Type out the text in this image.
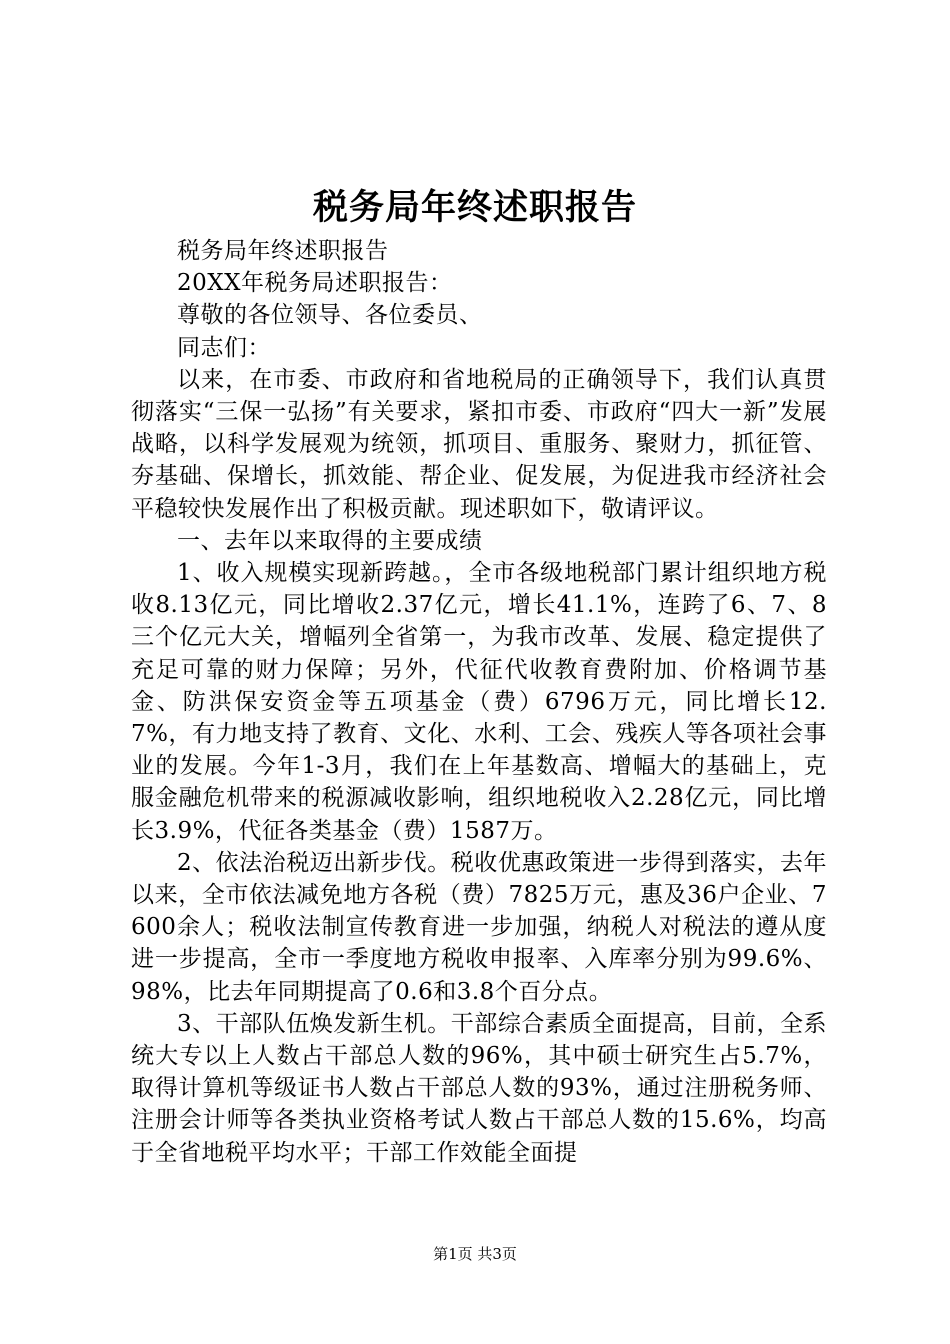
税务局年终述职报告

税务局年终述职报告

20XX年税务局述职报告：

尊敬的各位领导、各位委员、

同志们：

以来，在市委、市政府和省地税局的正确领导下，我们认真贯彻落实“三保一弘扬”有关要求，紧扣市委、市政府“四大一新”发展战略，以科学发展观为统领，抓项目、重服务、聚财力，抓征管、夯基础、保增长，抓效能、帮企业、促发展，为促进我市经济社会平稳较快发展作出了积极贡献。现述职如下，敬请评议。

一、去年以来取得的主要成绩

1、收入规模实现新跨越。，全市各级地税部门累计组织地方税收8.13亿元，同比增收2.37亿元，增长41.1%，连跨了6、7、8三个亿元大关，增幅列全省第一，为我市改革、发展、稳定提供了充足可靠的财力保障；另外，代征代收教育费附加、价格调节基金、防洪保安资金等五项基金（费）6796万元，同比增长12.7%，有力地支持了教育、文化、水利、工会、残疾人等各项社会事业的发展。今年1-3月，我们在上年基数高、增幅大的基础上，克服金融危机带来的税源减收影响，组织地税收入2.28亿元，同比增长3.9%，代征各类基金（费）1587万。

2、依法治税迈出新步伐。税收优惠政策进一步得到落实，去年以来，全市依法减免地方各税（费）7825万元，惠及36户企业、7600余人；税收法制宣传教育进一步加强，纳税人对税法的遵从度进一步提高，全市一季度地方税收申报率、入库率分别为99.6%、98%，比去年同期提高了0.6和3.8个百分点。

3、干部队伍焕发新生机。干部综合素质全面提高，目前，全系统大专以上人数占干部总人数的96%，其中硕士研究生占5.7%，取得计算机等级证书人数占干部总人数的93%，通过注册税务师、注册会计师等各类执业资格考试人数占干部总人数的15.6%，均高于全省地税平均水平；干部工作效能全面提

第1页 共3页
